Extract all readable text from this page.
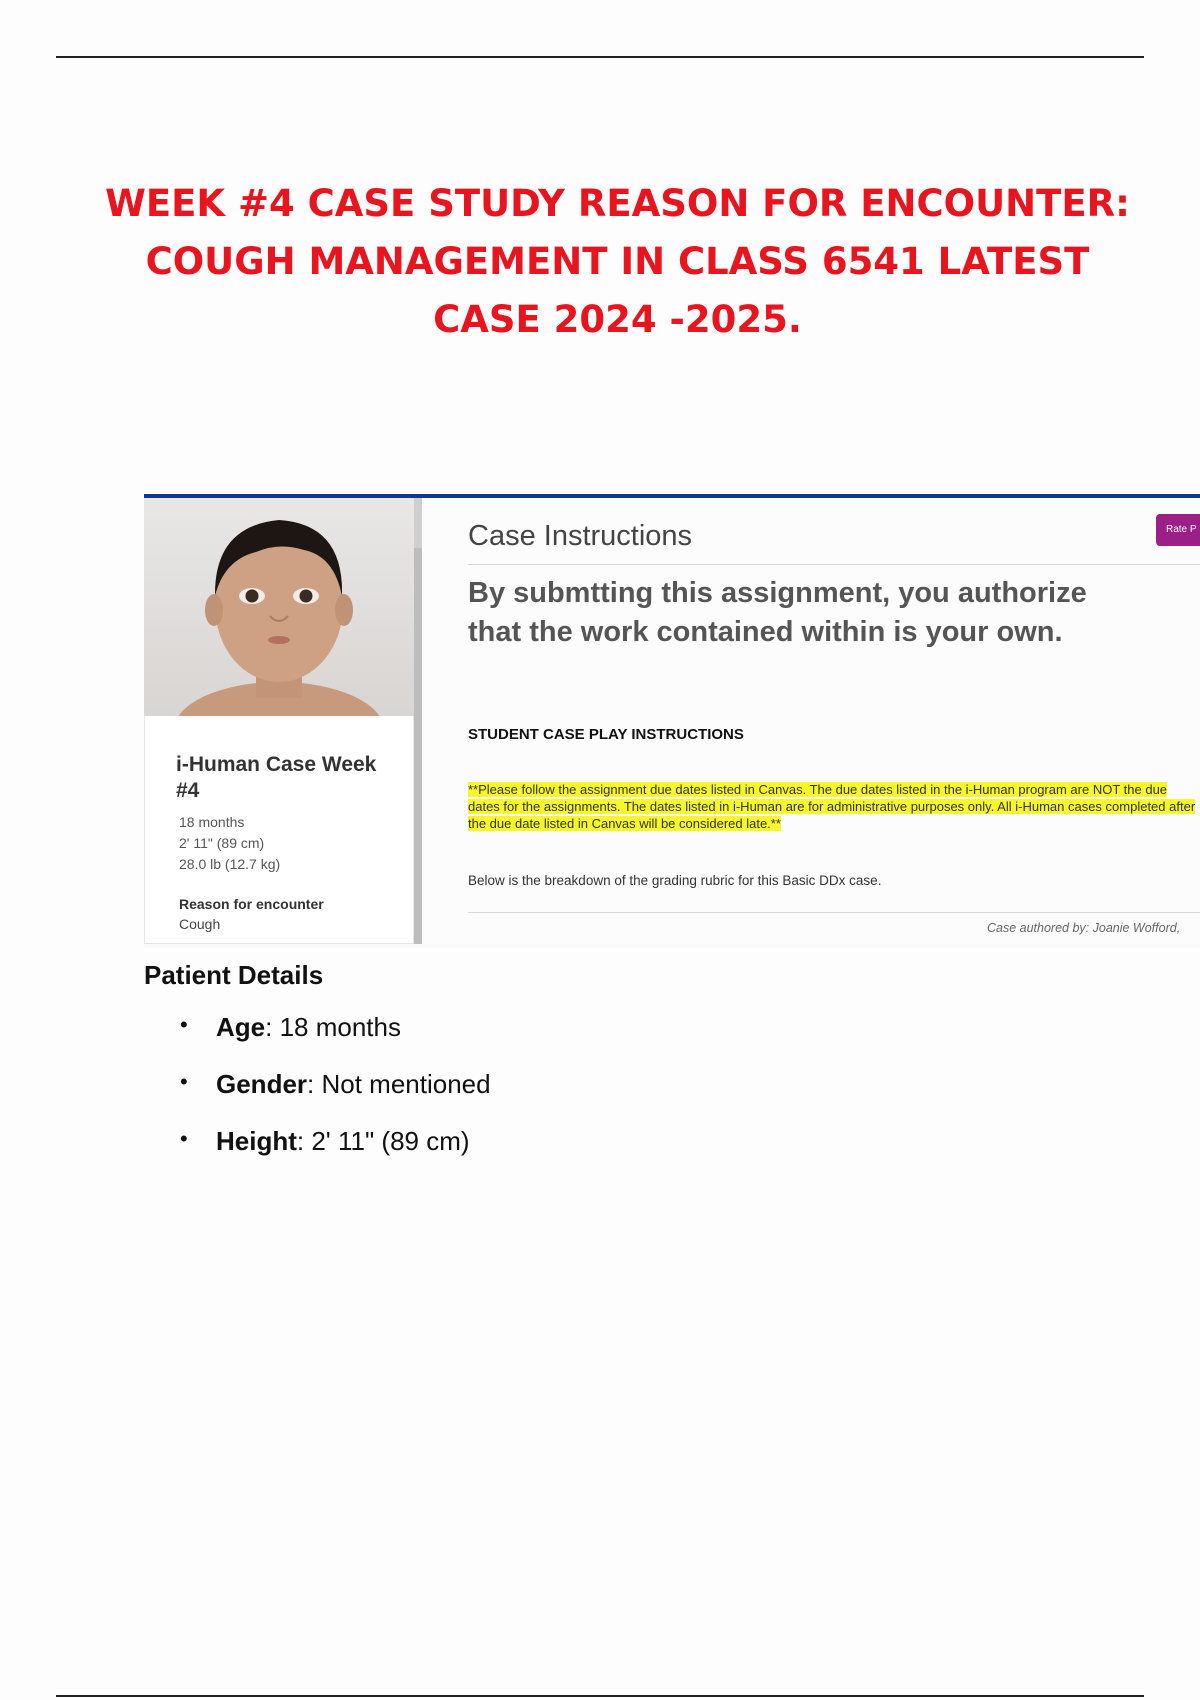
WEEK #4 CASE STUDY REASON FOR ENCOUNTER:
COUGH MANAGEMENT IN CLASS 6541 LATEST
CASE 2024 -2025.
i-Human Case Week #4
18 months
2' 11" (89 cm)
28.0 lb (12.7 kg)
Reason for encounter
Cough
Case Instructions	Rate P
By submtting this assignment, you authorize
that the work contained within is your own.
STUDENT CASE PLAY INSTRUCTIONS
**Please follow the assignment due dates listed in Canvas. The due dates listed in the i-Human program are NOT the due dates for the assignments. The dates listed in i-Human are for administrative purposes only. All i-Human cases completed after the due date listed in Canvas will be considered late.**
Below is the breakdown of the grading rubric for this Basic DDx case.
Case authored by: Joanie Wofford,
Patient Details
• Age: 18 months
• Gender: Not mentioned
• Height: 2' 11" (89 cm)
